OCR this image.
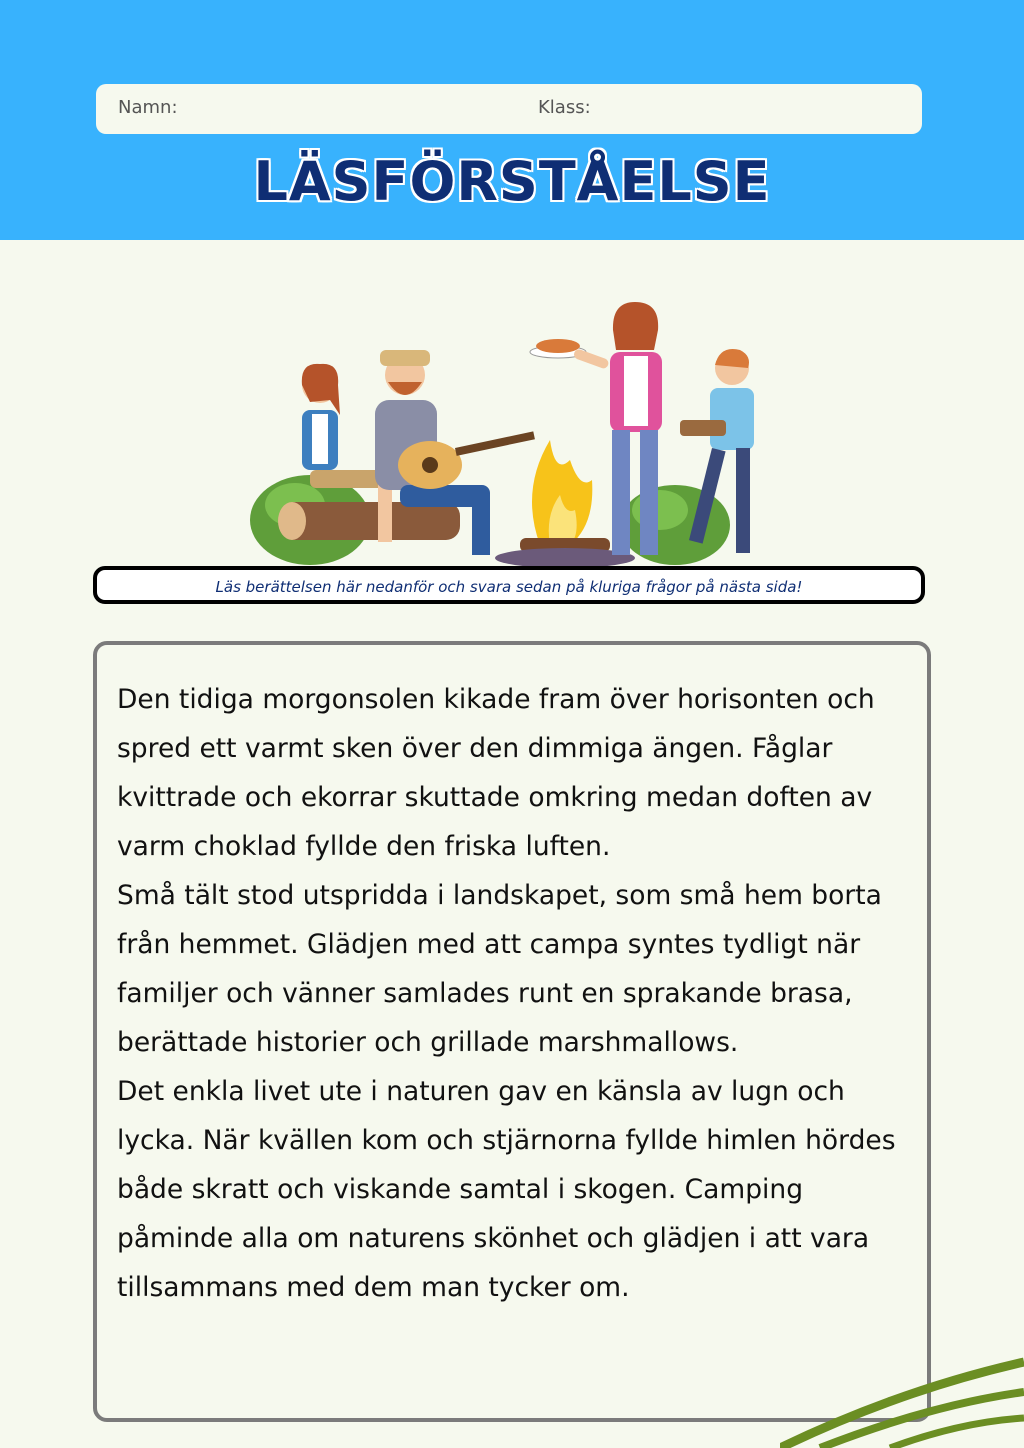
Namn:	Klass:
LÄSFÖRSTÅELSE
Läs berättelsen här nedanför och svara sedan på kluriga frågor på nästa sida!

Den tidiga morgonsolen kikade fram över horisonten och spred ett varmt sken över den dimmiga ängen. Fåglar kvittrade och ekorrar skuttade omkring medan doften av varm choklad fyllde den friska luften.

Små tält stod utspridda i landskapet, som små hem borta från hemmet. Glädjen med att campa syntes tydligt när familjer och vänner samlades runt en sprakande brasa, berättade historier och grillade marshmallows.

Det enkla livet ute i naturen gav en känsla av lugn och lycka. När kvällen kom och stjärnorna fyllde himlen hördes både skratt och viskande samtal i skogen. Camping påminde alla om naturens skönhet och glädjen i att vara tillsammans med dem man tycker om.
